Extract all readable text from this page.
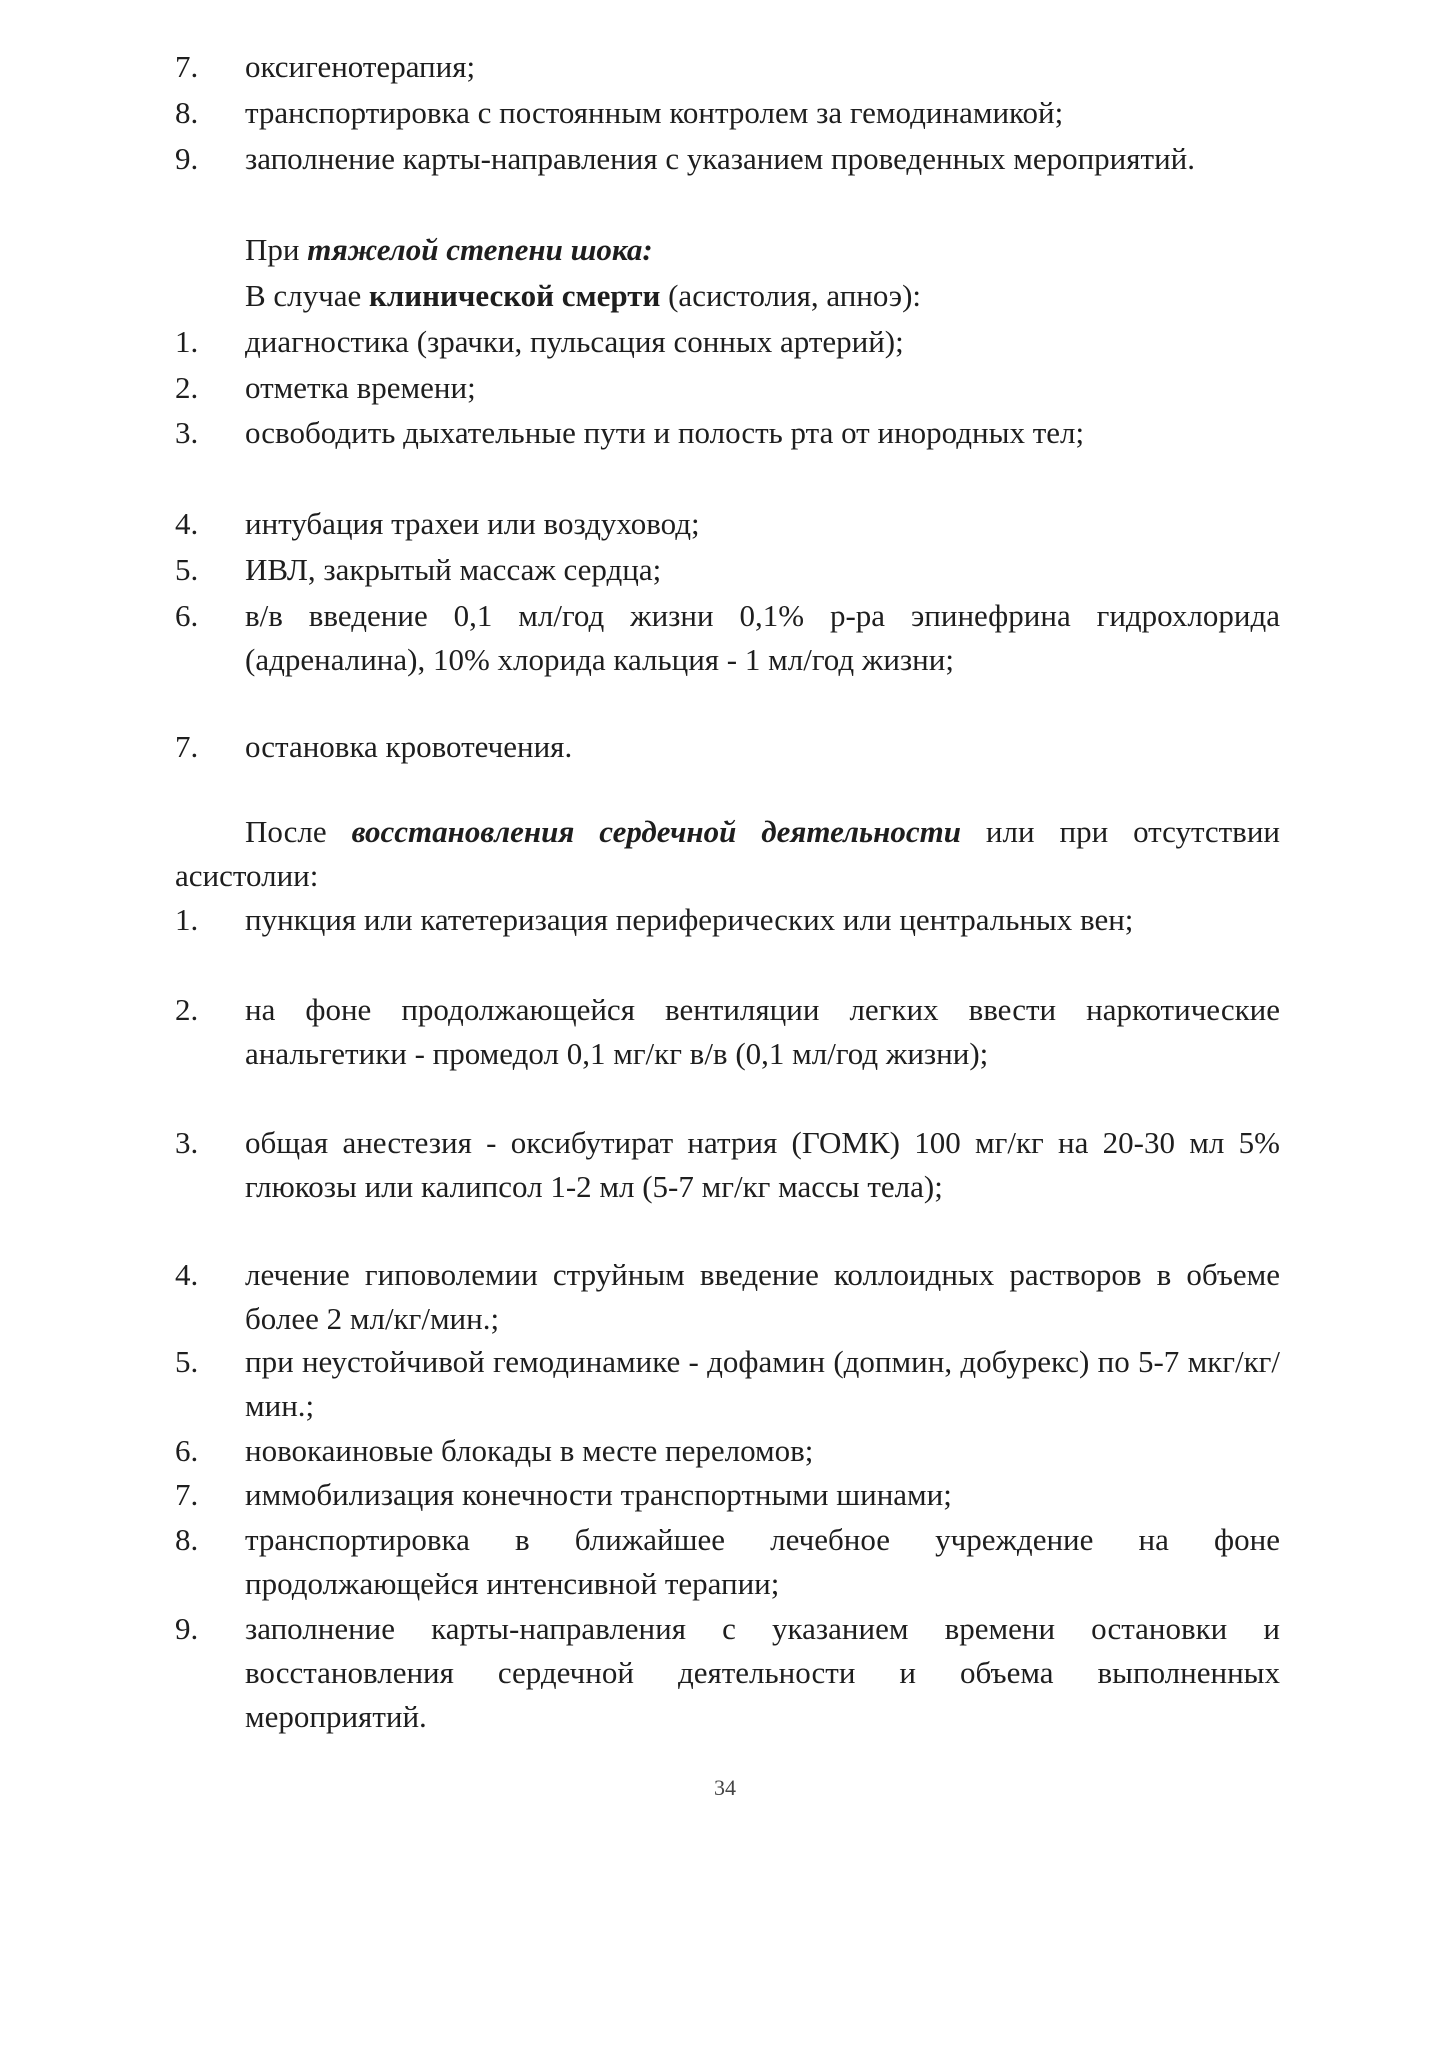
7.	оксигенотерапия;
8.	транспортировка с постоянным контролем за гемодинамикой;
9.	заполнение карты-направления с указанием проведенных мероприятий.
При тяжелой степени шока:
В случае клинической смерти (асистолия, апноэ):
1.	диагностика (зрачки, пульсация сонных артерий);
2.	отметка времени;
3.	освободить дыхательные пути и полость рта от инородных тел;
4.	интубация трахеи или воздуховод;
5.	ИВЛ, закрытый массаж сердца;
6.	в/в введение 0,1 мл/год жизни 0,1% р-ра эпинефрина гидрохлорида (адреналина), 10% хлорида кальция - 1 мл/год жизни;
7.	остановка кровотечения.
После восстановления сердечной деятельности или при отсутствии асистолии:
1.	пункция или катетеризация периферических или центральных вен;
2.	на фоне продолжающейся вентиляции легких ввести наркотические анальгетики - промедол 0,1 мг/кг в/в (0,1 мл/год жизни);
3.	общая анестезия - оксибутират натрия (ГОМК) 100 мг/кг на 20-30 мл 5% глюкозы или калипсол 1-2 мл (5-7 мг/кг массы тела);
4.	лечение гиповолемии струйным введение коллоидных растворов в объеме более 2 мл/кг/мин.;
5.	при неустойчивой гемодинамике - дофамин (допмин, добурекс) по 5-7 мкг/кг/мин.;
6.	новокаиновые блокады в месте переломов;
7.	иммобилизация конечности транспортными шинами;
8.	транспортировка в ближайшее лечебное учреждение на фоне продолжающейся интенсивной терапии;
9.	заполнение карты-направления с указанием времени остановки и восстановления сердечной деятельности и объема выполненных мероприятий.
34
